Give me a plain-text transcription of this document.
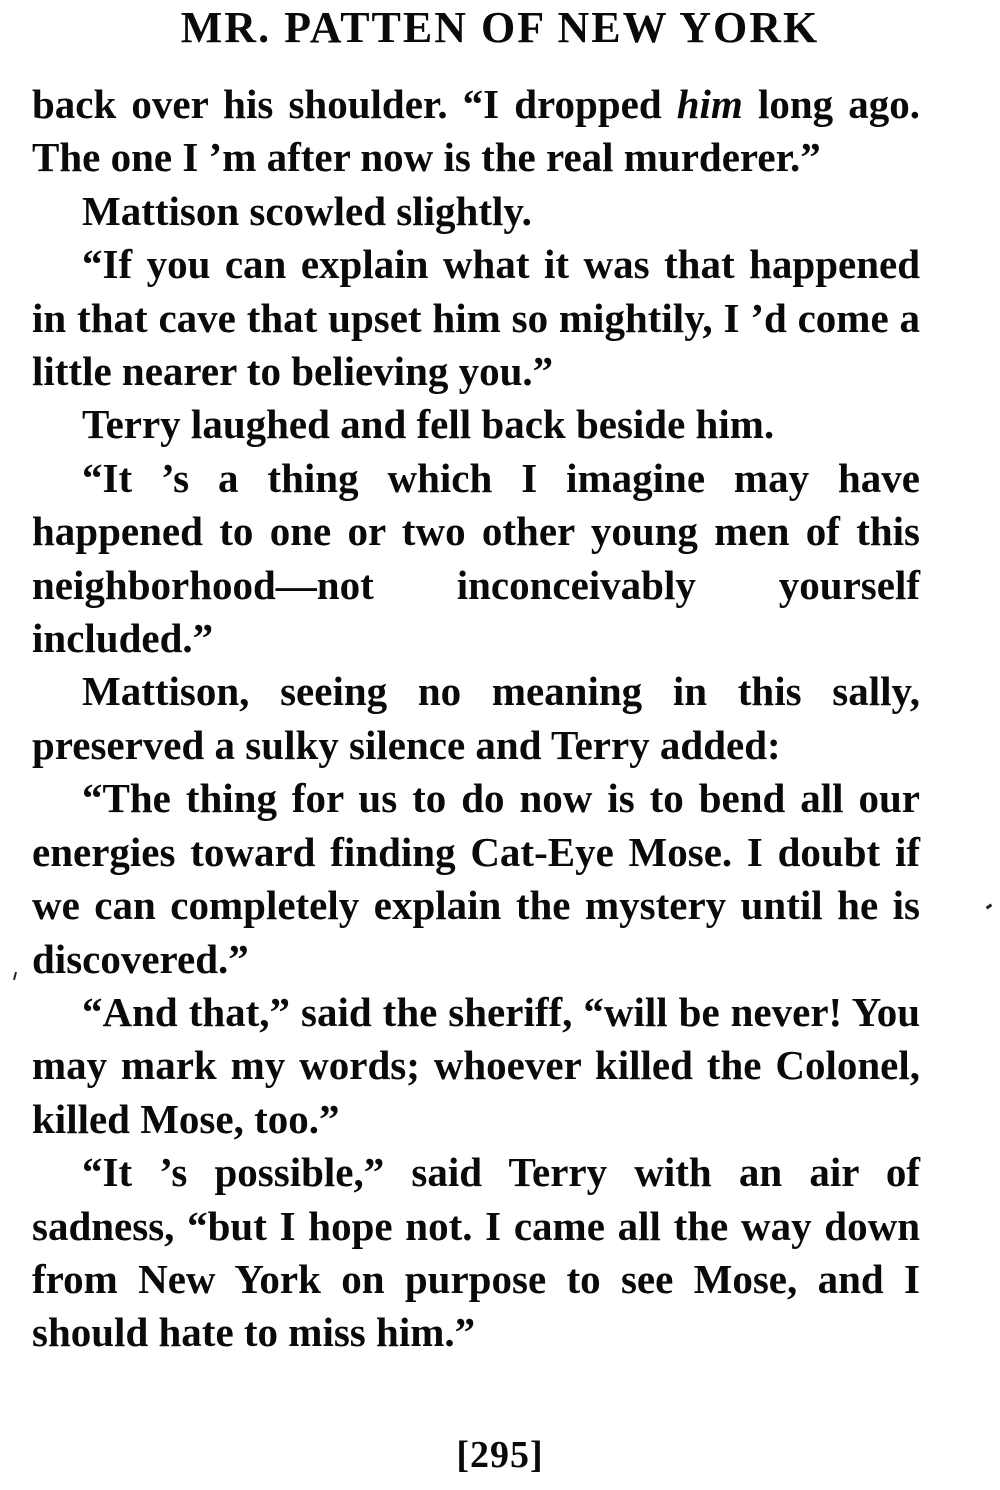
MR. PATTEN OF NEW YORK

back over his shoulder. “I dropped him long ago. The one I ’m after now is the real murderer.”

Mattison scowled slightly.

“If you can explain what it was that happened in that cave that upset him so mightily, I ’d come a little nearer to believing you.”

Terry laughed and fell back beside him.

“It ’s a thing which I imagine may have happened to one or two other young men of this neighborhood—not inconceivably yourself included.”

Mattison, seeing no meaning in this sally, preserved a sulky silence and Terry added:

“The thing for us to do now is to bend all our energies toward finding Cat-Eye Mose. I doubt if we can completely explain the mystery until he is discovered.”

“And that,” said the sheriff, “will be never! You may mark my words; whoever killed the Colonel, killed Mose, too.”

“It ’s possible,” said Terry with an air of sadness, “but I hope not. I came all the way down from New York on purpose to see Mose, and I should hate to miss him.”

[295]
